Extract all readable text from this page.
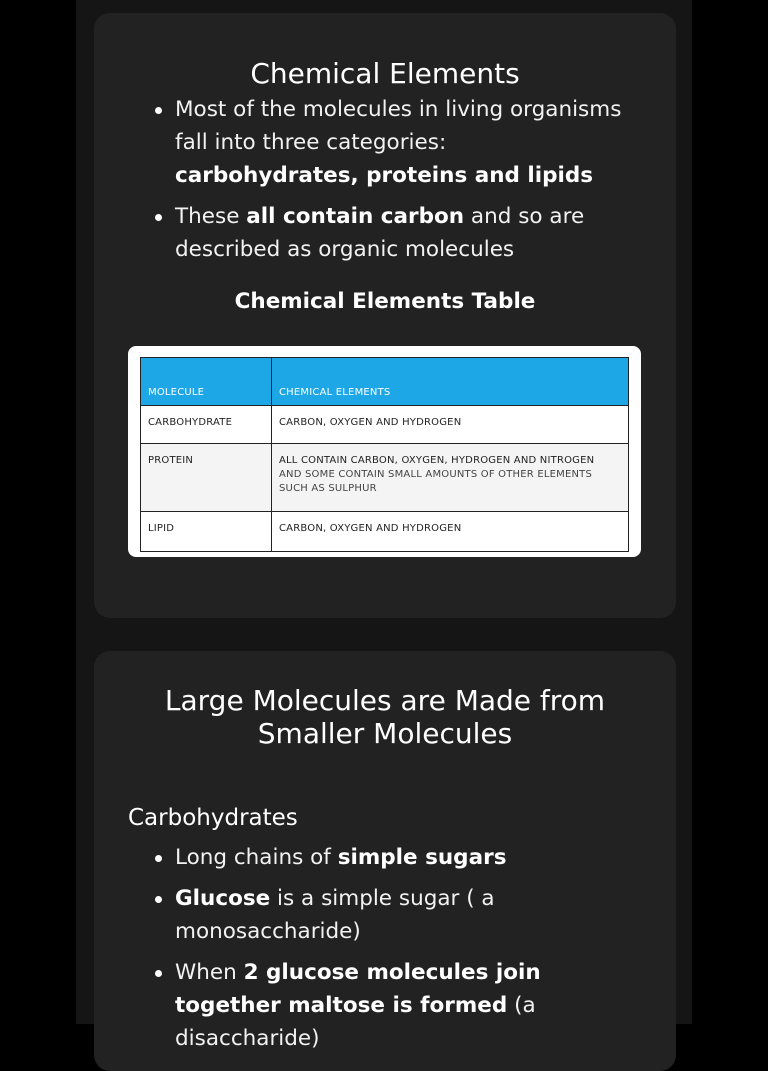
Chemical Elements
Most of the molecules in living organisms fall into three categories: carbohydrates, proteins and lipids
These all contain carbon and so are described as organic molecules
Chemical Elements Table
MOLECULE	CHEMICAL ELEMENTS
CARBOHYDRATE	CARBON, OXYGEN AND HYDROGEN
PROTEIN	ALL CONTAIN CARBON, OXYGEN, HYDROGEN AND NITROGEN
AND SOME CONTAIN SMALL AMOUNTS OF OTHER ELEMENTS SUCH AS SULPHUR

LIPID	CARBON, OXYGEN AND HYDROGEN
Large Molecules are Made from
Smaller Molecules
Carbohydrates
Long chains of simple sugars
Glucose is a simple sugar ( a monosaccharide)
When 2 glucose molecules join together maltose is formed (a disaccharide)
